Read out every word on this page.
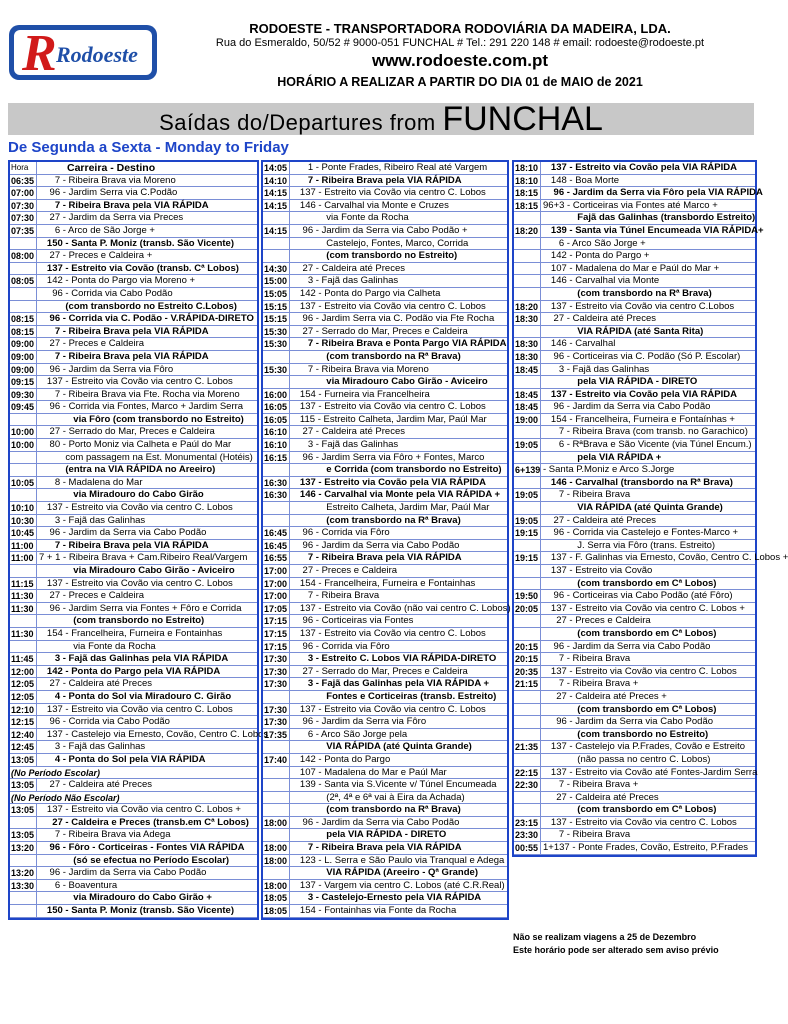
R Rodoeste
RODOESTE - TRANSPORTADORA RODOVIÁRIA DA MADEIRA, LDA.
Rua do Esmeraldo, 50/52 # 9000-051 FUNCHAL # Tel.: 291 220 148 # email: rodoeste@rodoeste.pt
www.rodoeste.com.pt
HORÁRIO A REALIZAR A PARTIR DO DIA 01 de MAIO de 2021
Saídas do/Departures from FUNCHAL
De Segunda a Sexta - Monday to Friday
Hora	Carreira - Destino
06:35 7 - Ribeira Brava via Moreno
07:00 96 - Jardim Serra via C.Podão
07:30 7 - Ribeira Brava pela VIA RÁPIDA
07:30 27 - Jardim da Serra via Preces
07:35 6 - Arco de São Jorge +
150 - Santa P. Moniz (transb. São Vicente)
08:00 27 - Preces e Caldeira +
137 - Estreito via Covão (transb. Cª Lobos)
08:05 142 - Ponta do Pargo via Moreno +
96 - Corrida via Cabo Podão
(com transbordo no Estreito C.Lobos)
08:15 96 - Corrida via C. Podão - V.RÁPIDA-DIRETO
08:15 7 - Ribeira Brava pela VIA RÁPIDA
09:00 27 - Preces e Caldeira
09:00 7 - Ribeira Brava pela VIA RÁPIDA
09:00 96 - Jardim da Serra via Fôro
09:15 137 - Estreito via Covão via centro C. Lobos
09:30 7 - Ribeira Brava via Fte. Rocha via Moreno
09:45 96 - Corrida via Fontes, Marco + Jardim Serra
via Fôro (com transbordo no Estreito)
10:00 27 - Serrado do Mar, Preces e Caldeira
10:00 80 - Porto Moniz via Calheta e Paúl do Mar
com passagem na Est. Monumental (Hotéis)
(entra na VIA RÁPIDA no Areeiro)
10:05 8 - Madalena do Mar
via Miradouro do Cabo Girão
10:10 137 - Estreito via Covão via centro C. Lobos
10:30 3 - Fajã das Galinhas
10:45 96 - Jardim da Serra via Cabo Podão
11:00 7 - Ribeira Brava pela VIA RÁPIDA
11:00 7 + 1 - Ribeira Brava + Cam.Ribeiro Real/Vargem
via Miradouro Cabo Girão - Aviceiro
11:15 137 - Estreito via Covão via centro C. Lobos
11:30 27 - Preces e Caldeira
11:30 96 - Jardim Serra via Fontes + Fôro e Corrida
(com transbordo no Estreito)
11:30 154 - Francelheira, Furneira e Fontainhas
via Fonte da Rocha
11:45 3 - Fajã das Galinhas pela VIA RÁPIDA
12:00 142 - Ponta do Pargo pela VIA RÁPIDA
12:05 27 - Caldeira até Preces
12:05 4 - Ponta do Sol via Miradouro C. Girão
12:10 137 - Estreito via Covão via centro C. Lobos
12:15 96 - Corrida via Cabo Podão
12:40 137 - Castelejo via Ernesto, Covão, Centro C. Lobos
12:45 3 - Fajã das Galinhas
13:05 4 - Ponta do Sol pela VIA RÁPIDA
(No Período Escolar)
13:05 27 - Caldeira até Preces
(No Período Não Escolar)
13:05 137 - Estreito via Covão via centro C. Lobos +
27 - Caldeira e Preces (transb.em Cª Lobos)
13:05 7 - Ribeira Brava via Adega
13:20 96 - Fôro - Corticeiras - Fontes VIA RÁPIDA
(só se efectua no Período Escolar)
13:20 96 - Jardim da Serra via Cabo Podão
13:30 6 - Boaventura
via Miradouro do Cabo Girão +
150 - Santa P. Moniz (transb. São Vicente)
14:05 1 - Ponte Frades, Ribeiro Real até Vargem
14:10 7 - Ribeira Brava pela VIA RÁPIDA
14:15 137 - Estreito via Covão via centro C. Lobos
14:15 146 - Carvalhal via Monte e Cruzes
via Fonte da Rocha
14:15 96 - Jardim da Serra via Cabo Podão +
Castelejo, Fontes, Marco, Corrida
(com transbordo no Estreito)
14:30 27 - Caldeira até Preces
15:00 3 - Fajã das Galinhas
15:05 142 - Ponta do Pargo via Calheta
15:15 137 - Estreito via Covão via centro C. Lobos
15:15 96 - Jardim Serra via C. Podão via Fte Rocha
15:30 27 - Serrado do Mar, Preces e Caldeira
15:30 7 - Ribeira Brava e Ponta Pargo VIA RÁPIDA
(com transbordo na Rª Brava)
15:30 7 - Ribeira Brava via Moreno
via Miradouro Cabo Girão - Aviceiro
16:00 154 - Furneira via Francelheira
16:05 137 - Estreito via Covão via centro C. Lobos
16:05 115 - Estreito Calheta, Jardim Mar, Paúl Mar
16:10 27 - Caldeira até Preces
16:10 3 - Fajã das Galinhas
16:15 96 - Jardim Serra via Fôro + Fontes, Marco
e Corrida (com transbordo no Estreito)
16:30 137 - Estreito via Covão pela VIA RÁPIDA
16:30 146 - Carvalhal via Monte pela VIA RÁPIDA +
Estreito Calheta, Jardim Mar, Paúl Mar
(com transbordo na Rª Brava)
16:45 96 - Corrida via Fôro
16:45 96 - Jardim da Serra via Cabo Podão
16:55 7 - Ribeira Brava pela VIA RÁPIDA
17:00 27 - Preces e Caldeira
17:00 154 - Francelheira, Furneira e Fontainhas
17:00 7 - Ribeira Brava
17:05 137 - Estreito via Covão (não vai centro C. Lobos)
17:15 96 - Corticeiras via Fontes
17:15 137 - Estreito via Covão via centro C. Lobos
17:15 96 - Corrida via Fôro
17:30 3 - Estreito C. Lobos VIA RÁPIDA-DIRETO
17:30 27 - Serrado do Mar, Preces e Caldeira
17:30 3 - Fajã das Galinhas pela VIA RÁPIDA +
Fontes e Corticeiras (transb. Estreito)
17:30 137 - Estreito via Covão via centro C. Lobos
17:30 96 - Jardim da Serra via Fôro
17:35 6 - Arco São Jorge pela
VIA RÁPIDA (até Quinta Grande)
17:40 142 - Ponta do Pargo
107 - Madalena do Mar e Paúl Mar
139 - Santa via S.Vicente v/ Túnel Encumeada
(2ª, 4ª e 6ª vai à Eira da Achada)
(com transbordo na Rª Brava)
18:00 96 - Jardim da Serra via Cabo Podão
pela VIA RÁPIDA - DIRETO
18:00 7 - Ribeira Brava pela VIA RÁPIDA
18:00 123 - L. Serra e São Paulo via Tranqual e Adega
VIA RÁPIDA (Areeiro - Qª Grande)
18:00 137 - Vargem via centro C. Lobos (até C.R.Real)
18:05 3 - Castelejo-Ernesto pela VIA RÁPIDA
18:05 154 - Fontainhas via Fonte da Rocha
18:10 137 - Estreito via Covão pela VIA RÁPIDA
18:10 148 - Boa Morte
18:15 96 - Jardim da Serra via Fôro pela VIA RÁPIDA
18:15 96+3 - Corticeiras via Fontes até Marco +
Fajã das Galinhas (transbordo Estreito)
18:20 139 - Santa via Túnel Encumeada VIA RÁPIDA+
6 - Arco São Jorge +
142 - Ponta do Pargo +
107 - Madalena do Mar e Paúl do Mar +
146 - Carvalhal via Monte
(com transbordo na Rª Brava)
18:20 137 - Estreito via Covão via centro C.Lobos
18:30 27 - Caldeira até Preces
VIA RÁPIDA (até Santa Rita)
18:30 146 - Carvalhal
18:30 96 - Corticeiras via C. Podão (Só P. Escolar)
18:45 3 - Fajã das Galinhas
pela VIA RÁPIDA - DIRETO
18:45 137 - Estreito via Covão pela VIA RÁPIDA
18:45 96 - Jardim da Serra via Cabo Podão
19:00 154 - Francelheira, Furneira e Fontaínhas +
7 - Ribeira Brava (com transb. no Garachico)
19:05 6 - RªBrava e São Vicente (via Túnel Encum.)
pela VIA RÁPIDA +
6+139 - Santa P.Moniz e Arco S.Jorge
146 - Carvalhal (transbordo na Rª Brava)
19:05 7 - Ribeira Brava
VIA RÁPIDA (até Quinta Grande)
19:05 27 - Caldeira até Preces
19:15 96 - Corrida via Castelejo e Fontes-Marco +
J. Serra via Fôro (trans. Estreito)
19:15 137 - F. Galinhas via Ernesto, Covão, Centro C. Lobos +
137 - Estreito via Covão
(com transbordo em Cª Lobos)
19:50 96 - Corticeiras via Cabo Podão (até Fôro)
20:05 137 - Estreito via Covão via centro C. Lobos +
27 - Preces e Caldeira
(com transbordo em Cª Lobos)
20:15 96 - Jardim da Serra via Cabo Podão
20:15 7 - Ribeira Brava
20:35 137 - Estreito via Covão via centro C. Lobos
21:15 7 - Ribeira Brava +
27 - Caldeira até Preces +
(com transbordo em Cª Lobos)
96 - Jardim da Serra via Cabo Podão
(com transbordo no Estreito)
21:35 137 - Castelejo via P.Frades, Covão e Estreito
(não passa no centro C. Lobos)
22:15 137 - Estreito via Covão até Fontes-Jardim Serra
22:30 7 - Ribeira Brava +
27 - Caldeira até Preces
(com transbordo em Cª Lobos)
23:15 137 - Estreito via Covão via centro C. Lobos
23:30 7 - Ribeira Brava
00:55 1+137 - Ponte Frades, Covão, Estreito, P.Frades
Não se realizam viagens a 25 de Dezembro
Este horário pode ser alterado sem aviso prévio
